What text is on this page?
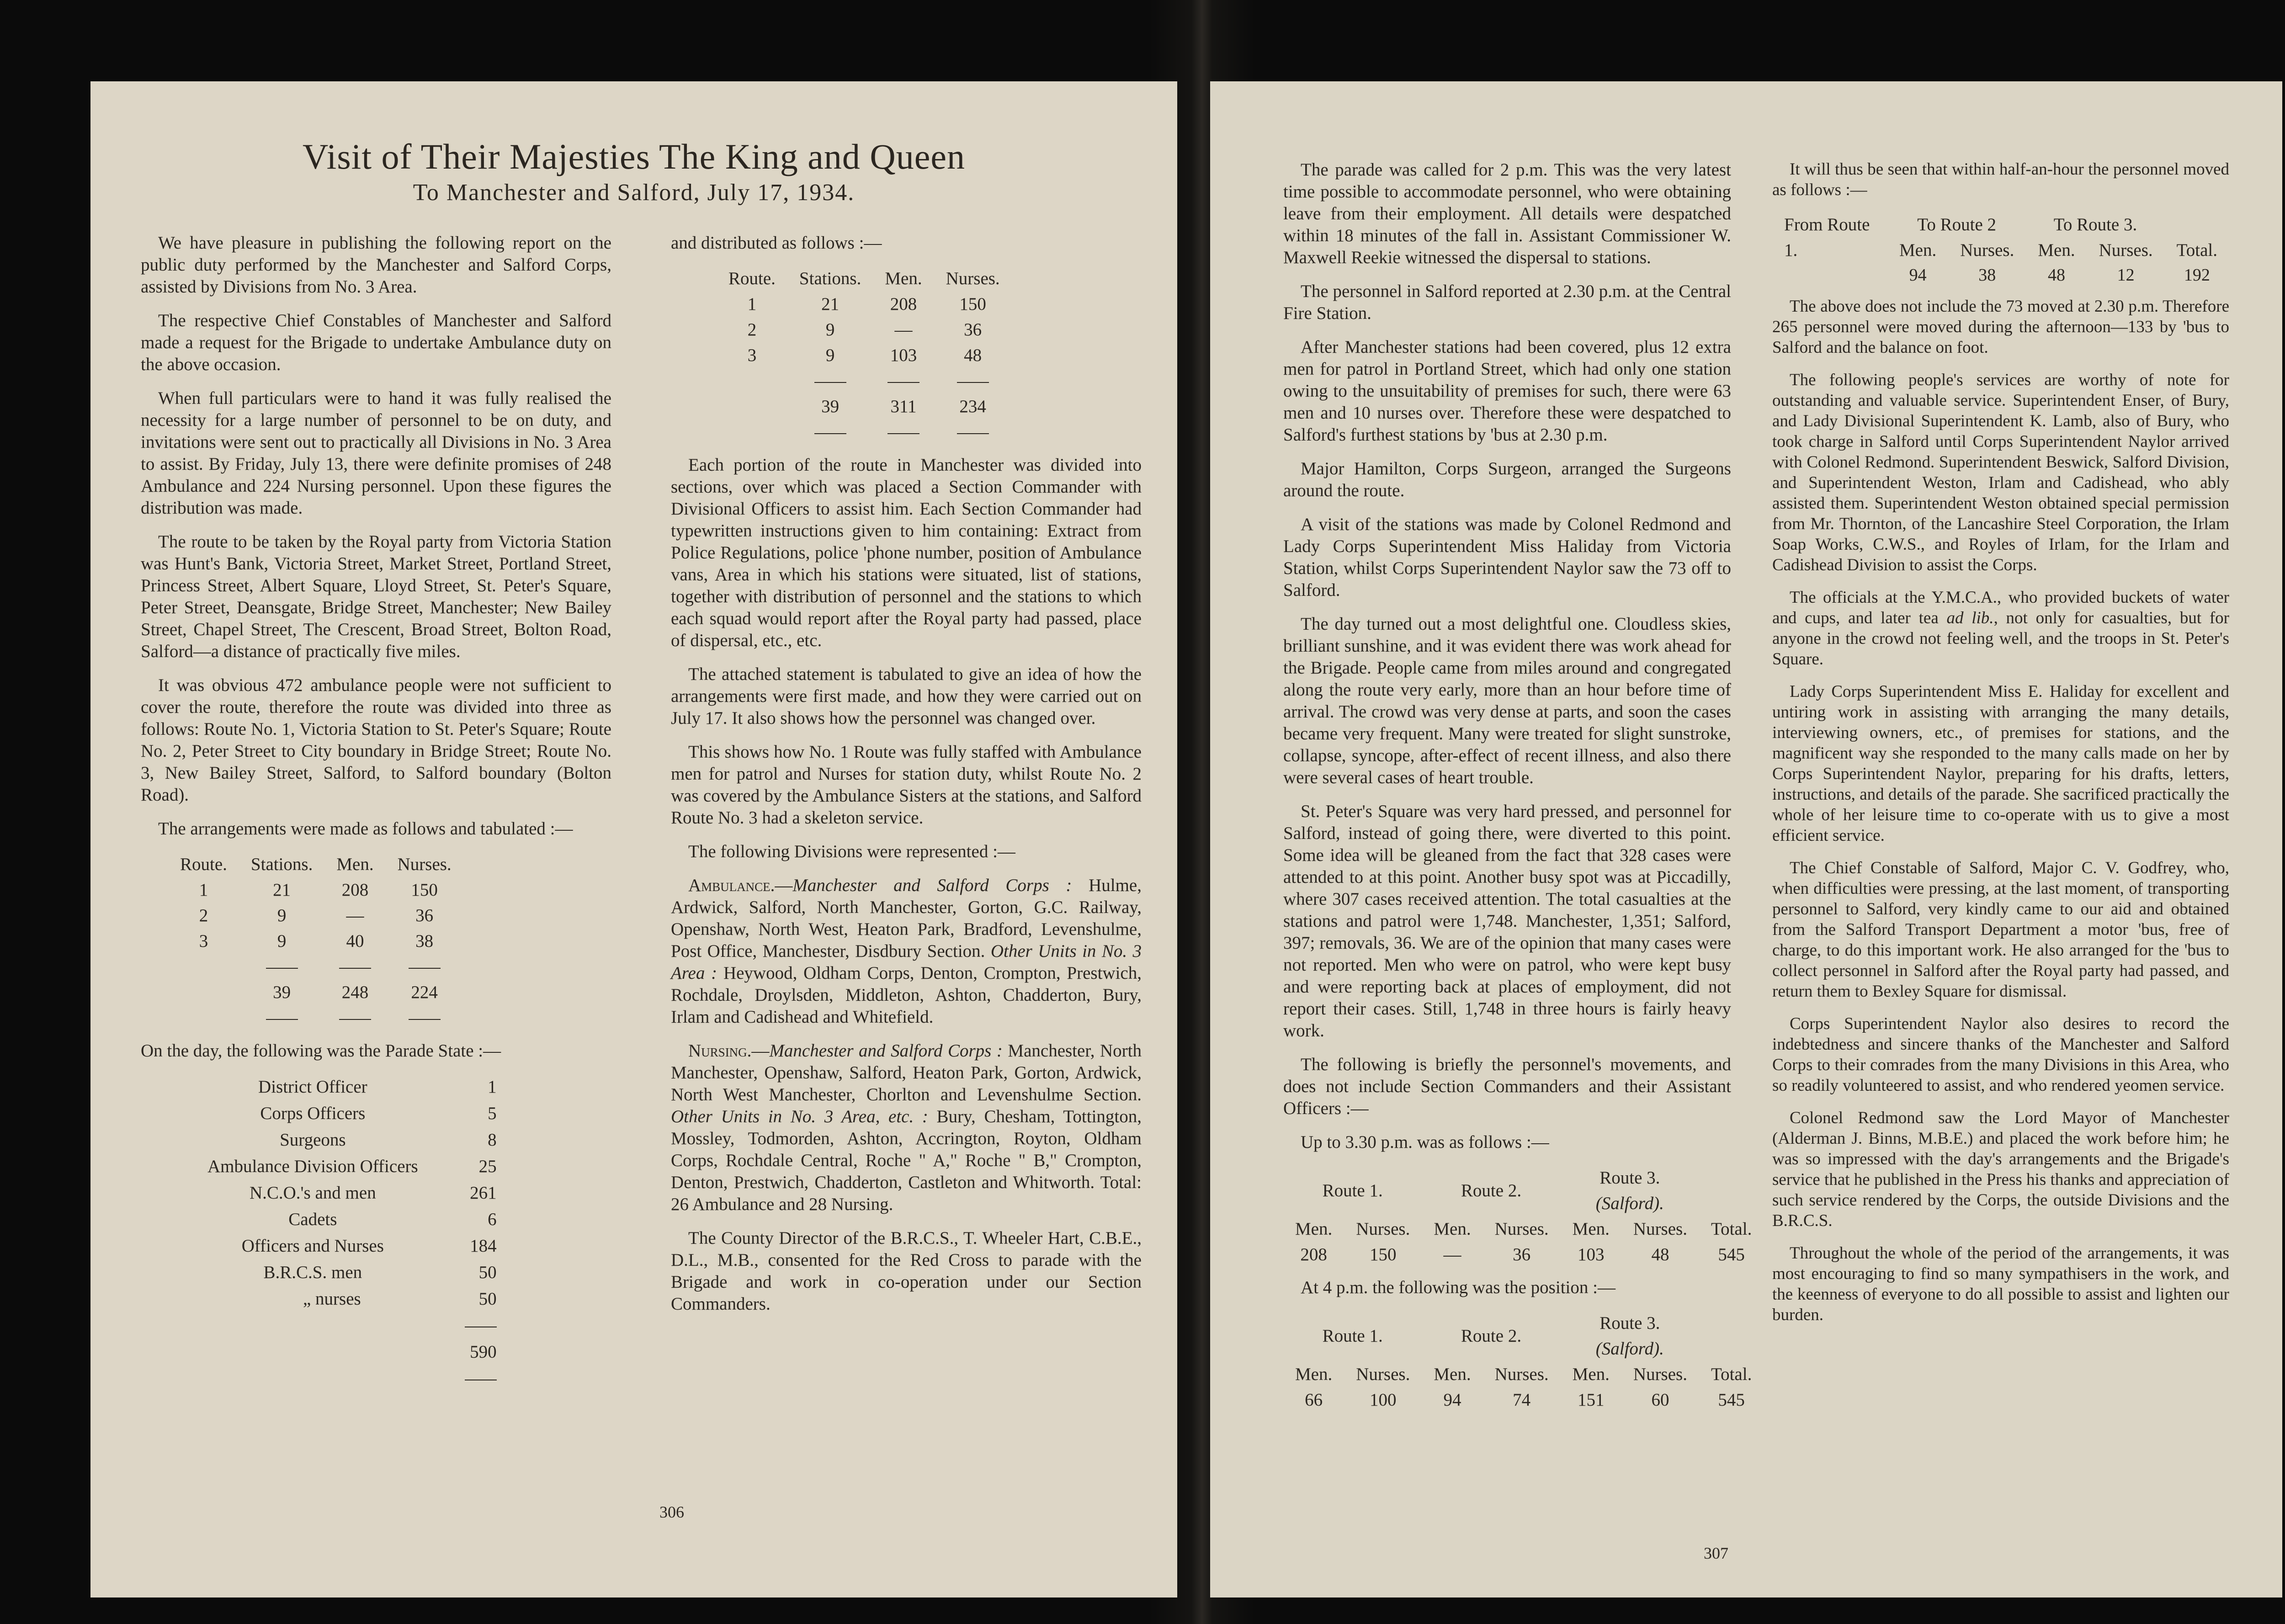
Visit of Their Majesties The King and Queen
To Manchester and Salford, July 17, 1934.

We have pleasure in publishing the following report on the public duty performed by the Manchester and Salford Corps, assisted by Divisions from No. 3 Area.

The respective Chief Constables of Manchester and Salford made a request for the Brigade to undertake Ambulance duty on the above occasion.

When full particulars were to hand it was fully realised the necessity for a large number of personnel to be on duty, and invitations were sent out to practically all Divisions in No. 3 Area to assist. By Friday, July 13, there were definite promises of 248 Ambulance and 224 Nursing personnel. Upon these figures the distribution was made.

The route to be taken by the Royal party from Victoria Station was Hunt's Bank, Victoria Street, Market Street, Portland Street, Princess Street, Albert Square, Lloyd Street, St. Peter's Square, Peter Street, Deansgate, Bridge Street, Manchester; New Bailey Street, Chapel Street, The Crescent, Broad Street, Bolton Road, Salford—a distance of practically five miles.

It was obvious 472 ambulance people were not sufficient to cover the route, therefore the route was divided into three as follows: Route No. 1, Victoria Station to St. Peter's Square; Route No. 2, Peter Street to City boundary in Bridge Street; Route No. 3, New Bailey Street, Salford, to Salford boundary (Bolton Road).

The arrangements were made as follows and tabulated :—

Route.	Stations.	Men.	Nurses.
1	21	208	150
2	9	—	36
3	9	40	38

	39	248	224

On the day, the following was the Parade State :—

District Officer	1
Corps Officers	5
Surgeons	8
Ambulance Division Officers	25
N.C.O.'s and men	261
Cadets	6
Officers and Nurses	184
B.R.C.S. men	50
„ nurses	50

	590

and distributed as follows :—

Route.	Stations.	Men.	Nurses.
1	21	208	150
2	9	—	36
3	9	103	48

	39	311	234

Each portion of the route in Manchester was divided into sections, over which was placed a Section Commander with Divisional Officers to assist him. Each Section Commander had typewritten instructions given to him containing: Extract from Police Regulations, police 'phone number, position of Ambulance vans, Area in which his stations were situated, list of stations, together with distribution of personnel and the stations to which each squad would report after the Royal party had passed, place of dispersal, etc., etc.

The attached statement is tabulated to give an idea of how the arrangements were first made, and how they were carried out on July 17. It also shows how the personnel was changed over.

This shows how No. 1 Route was fully staffed with Ambulance men for patrol and Nurses for station duty, whilst Route No. 2 was covered by the Ambulance Sisters at the stations, and Salford Route No. 3 had a skeleton service.

The following Divisions were represented :—

Ambulance.—Manchester and Salford Corps : Hulme, Ardwick, Salford, North Manchester, Gorton, G.C. Railway, Openshaw, North West, Heaton Park, Bradford, Levenshulme, Post Office, Manchester, Disdbury Section. Other Units in No. 3 Area : Heywood, Oldham Corps, Denton, Crompton, Prestwich, Rochdale, Droylsden, Middleton, Ashton, Chadderton, Bury, Irlam and Cadishead and Whitefield.

Nursing.—Manchester and Salford Corps : Manchester, North Manchester, Openshaw, Salford, Heaton Park, Gorton, Ardwick, North West Manchester, Chorlton and Levenshulme Section. Other Units in No. 3 Area, etc. : Bury, Chesham, Tottington, Mossley, Todmorden, Ashton, Accrington, Royton, Oldham Corps, Rochdale Central, Roche " A," Roche " B," Crompton, Denton, Prestwich, Chadderton, Castleton and Whitworth. Total: 26 Ambulance and 28 Nursing.

The County Director of the B.R.C.S., T. Wheeler Hart, C.B.E., D.L., M.B., consented for the Red Cross to parade with the Brigade and work in co-operation under our Section Commanders.

306

The parade was called for 2 p.m. This was the very latest time possible to accommodate personnel, who were obtaining leave from their employment. All details were despatched within 18 minutes of the fall in. Assistant Commissioner W. Maxwell Reekie witnessed the dispersal to stations.

The personnel in Salford reported at 2.30 p.m. at the Central Fire Station.

After Manchester stations had been covered, plus 12 extra men for patrol in Portland Street, which had only one station owing to the unsuitability of premises for such, there were 63 men and 10 nurses over. Therefore these were despatched to Salford's furthest stations by 'bus at 2.30 p.m.

Major Hamilton, Corps Surgeon, arranged the Surgeons around the route.

A visit of the stations was made by Colonel Redmond and Lady Corps Superintendent Miss Haliday from Victoria Station, whilst Corps Superintendent Naylor saw the 73 off to Salford.

The day turned out a most delightful one. Cloudless skies, brilliant sunshine, and it was evident there was work ahead for the Brigade. People came from miles around and congregated along the route very early, more than an hour before time of arrival. The crowd was very dense at parts, and soon the cases became very frequent. Many were treated for slight sunstroke, collapse, syncope, after-effect of recent illness, and also there were several cases of heart trouble.

St. Peter's Square was very hard pressed, and personnel for Salford, instead of going there, were diverted to this point. Some idea will be gleaned from the fact that 328 cases were attended to at this point. Another busy spot was at Piccadilly, where 307 cases received attention. The total casualties at the stations and patrol were 1,748. Manchester, 1,351; Salford, 397; removals, 36. We are of the opinion that many cases were not reported. Men who were on patrol, who were kept busy and were reporting back at places of employment, did not report their cases. Still, 1,748 in three hours is fairly heavy work.

The following is briefly the personnel's movements, and does not include Section Commanders and their Assistant Officers :—

Up to 3.30 p.m. was as follows :—

Route 1.		Route 2.		Route 3.
(Salford).		
Men.	Nurses.	Men.	Nurses.	Men.	Nurses.	Total.
208	150	—	36	103	48	545

At 4 p.m. the following was the position :—

Route 1.		Route 2.		Route 3.
(Salford).		
Men.	Nurses.	Men.	Nurses.	Men.	Nurses.	Total.
66	100	94	74	151	60	545

It will thus be seen that within half-an-hour the personnel moved as follows :—

From Route 1.	To Route 2		To Route 3.		
	Men.	Nurses.	Men.	Nurses.	Total.
	94	38	48	12	192

The above does not include the 73 moved at 2.30 p.m. Therefore 265 personnel were moved during the afternoon—133 by 'bus to Salford and the balance on foot.

The following people's services are worthy of note for outstanding and valuable service. Superintendent Enser, of Bury, and Lady Divisional Superintendent K. Lamb, also of Bury, who took charge in Salford until Corps Superintendent Naylor arrived with Colonel Redmond. Superintendent Beswick, Salford Division, and Superintendent Weston, Irlam and Cadishead, who ably assisted them. Superintendent Weston obtained special permission from Mr. Thornton, of the Lancashire Steel Corporation, the Irlam Soap Works, C.W.S., and Royles of Irlam, for the Irlam and Cadishead Division to assist the Corps.

The officials at the Y.M.C.A., who provided buckets of water and cups, and later tea ad lib., not only for casualties, but for anyone in the crowd not feeling well, and the troops in St. Peter's Square.

Lady Corps Superintendent Miss E. Haliday for excellent and untiring work in assisting with arranging the many details, interviewing owners, etc., of premises for stations, and the magnificent way she responded to the many calls made on her by Corps Superintendent Naylor, preparing for his drafts, letters, instructions, and details of the parade. She sacrificed practically the whole of her leisure time to co-operate with us to give a most efficient service.

The Chief Constable of Salford, Major C. V. Godfrey, who, when difficulties were pressing, at the last moment, of transporting personnel to Salford, very kindly came to our aid and obtained from the Salford Transport Department a motor 'bus, free of charge, to do this important work. He also arranged for the 'bus to collect personnel in Salford after the Royal party had passed, and return them to Bexley Square for dismissal.

Corps Superintendent Naylor also desires to record the indebtedness and sincere thanks of the Manchester and Salford Corps to their comrades from the many Divisions in this Area, who so readily volunteered to assist, and who rendered yeomen service.

Colonel Redmond saw the Lord Mayor of Manchester (Alderman J. Binns, M.B.E.) and placed the work before him; he was so impressed with the day's arrangements and the Brigade's service that he published in the Press his thanks and appreciation of such service rendered by the Corps, the outside Divisions and the B.R.C.S.

Throughout the whole of the period of the arrangements, it was most encouraging to find so many sympathisers in the work, and the keenness of everyone to do all possible to assist and lighten our burden.

307
